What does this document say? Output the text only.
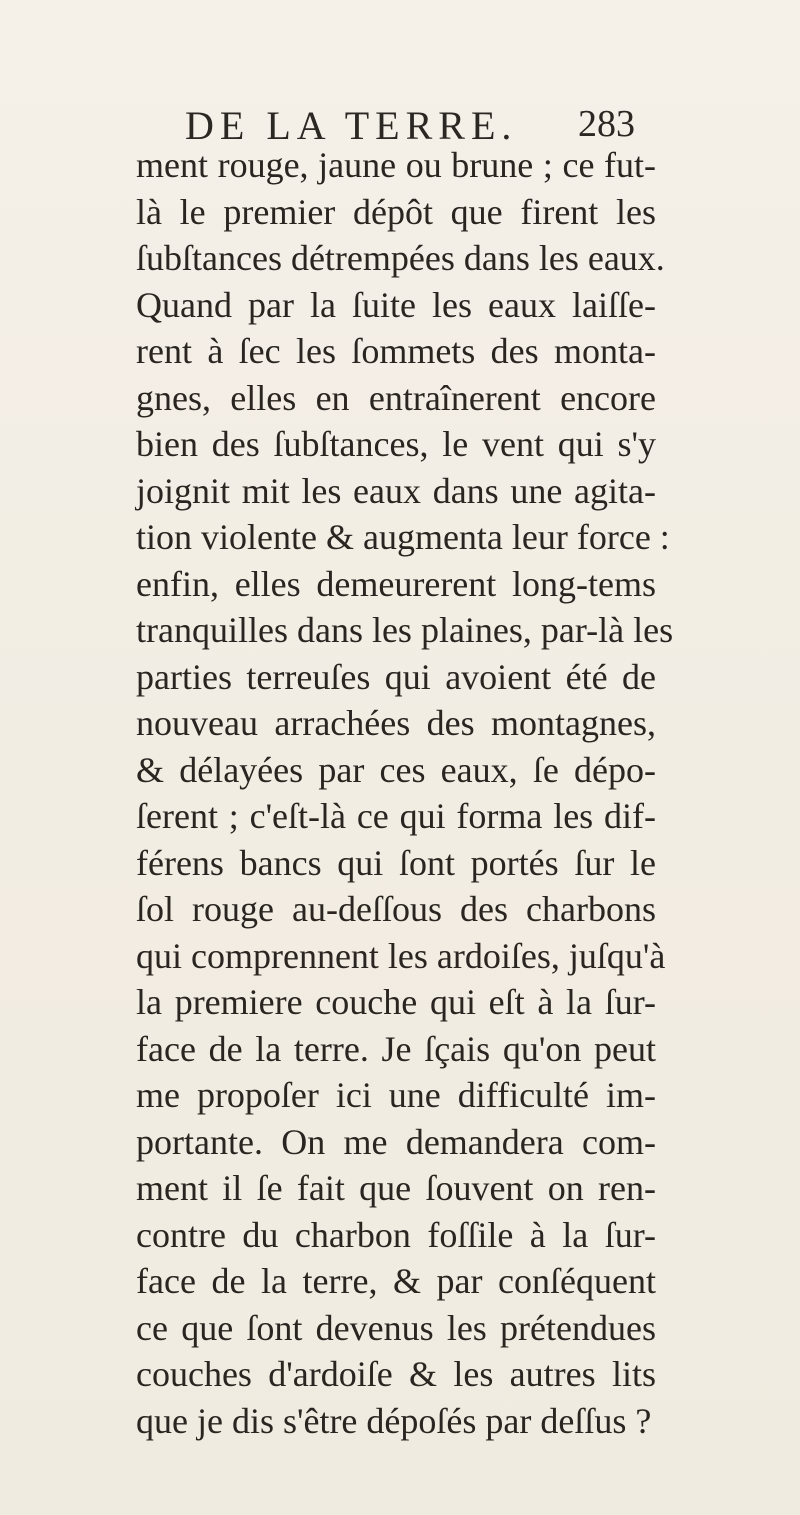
DE LA TERRE. 283
ment rouge, jaune ou brune ; ce fut-
là le premier dépôt que firent les
ſubſtances détrempées dans les eaux.
Quand par la ſuite les eaux laiſſe-
rent à ſec les ſommets des monta-
gnes, elles en entraînerent encore
bien des ſubſtances, le vent qui s'y
joignit mit les eaux dans une agita-
tion violente & augmenta leur force :
enfin, elles demeurerent long-tems
tranquilles dans les plaines, par-là les
parties terreuſes qui avoient été de
nouveau arrachées des montagnes,
& délayées par ces eaux, ſe dépo-
ſerent ; c'eſt-là ce qui forma les dif-
férens bancs qui ſont portés ſur le
ſol rouge au-deſſous des charbons
qui comprennent les ardoiſes, juſqu'à
la premiere couche qui eſt à la ſur-
face de la terre. Je ſçais qu'on peut
me propoſer ici une difficulté im-
portante. On me demandera com-
ment il ſe fait que ſouvent on ren-
contre du charbon foſſile à la ſur-
face de la terre, & par conſéquent
ce que ſont devenus les prétendues
couches d'ardoiſe & les autres lits
que je dis s'être dépoſés par deſſus ?
